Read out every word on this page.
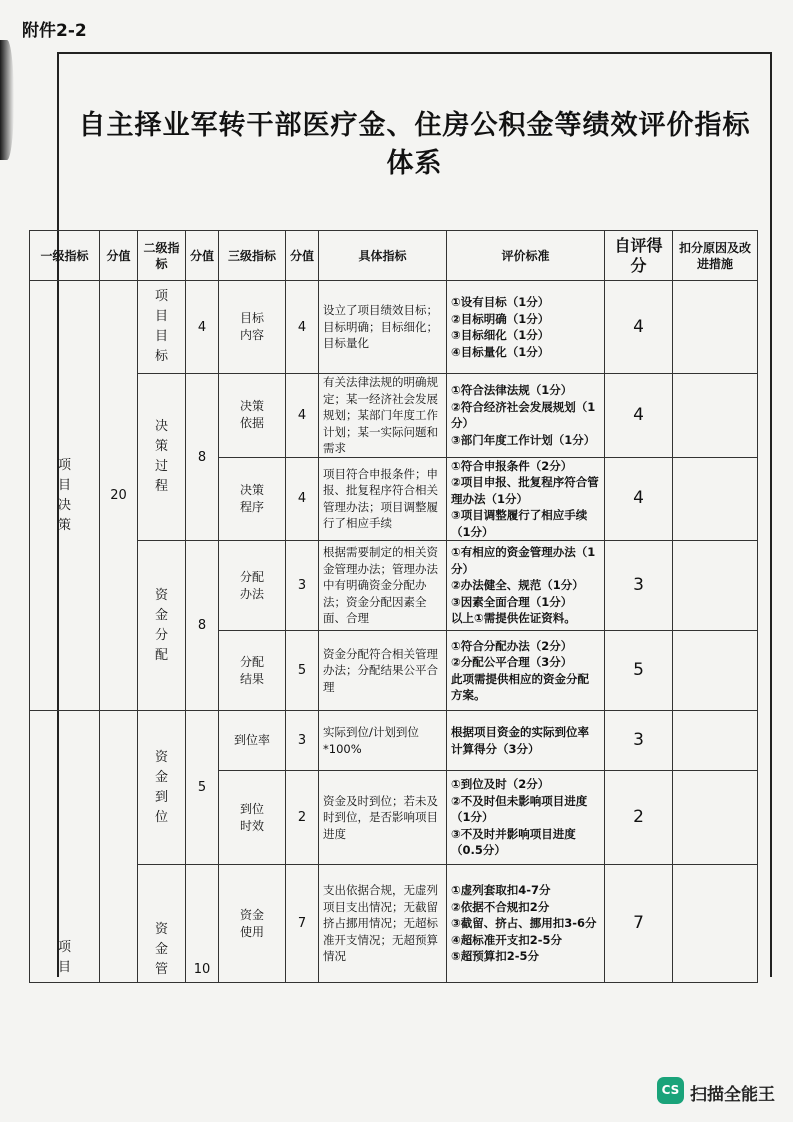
附件2-2
自主择业军转干部医疗金、住房公积金等绩效评价指标
体系
一级指标	分值	二级指标	分值	三级指标	分值	具体指标	评价标准	自评得分	扣分原因及改进措施

项目决策	20	项目目标	4	目标内容	4	设立了项目绩效目标；目标明确；目标细化；目标量化	①设有目标（1分）
②目标明确（1分）
③目标细化（1分）
④目标量化（1分）	4	

		决策过程	8	决策依据	4	有关法律法规的明确规定；某一经济社会发展规划；某部门年度工作计划；某一实际问题和需求	①符合法律法规（1分）
②符合经济社会发展规划（1分）
③部门年度工作计划（1分）	4	

				决策程序	4	项目符合申报条件；申报、批复程序符合相关管理办法；项目调整履行了相应手续	①符合申报条件（2分）
②项目申报、批复程序符合管理办法（1分）
③项目调整履行了相应手续（1分）	4	

		资金分配	8	分配办法	3	根据需要制定的相关资金管理办法；管理办法中有明确资金分配办法；资金分配因素全面、合理	①有相应的资金管理办法（1分）
②办法健全、规范（1分）
③因素全面合理（1分）
以上①需提供佐证资料。	3	

				分配结果	5	资金分配符合相关管理办法；分配结果公平合理	①符合分配办法（2分）
②分配公平合理（3分）
此项需提供相应的资金分配方案。	5	

项目		资金到位	5	到位率	3	实际到位/计划到位*100%	根据项目资金的实际到位率计算得分（3分）	3	

				到位时效	2	资金及时到位；若未及时到位，是否影响项目进度	①到位及时（2分）
②不及时但未影响项目进度（1分）
③不及时并影响项目进度（0.5分）	2	

		资金管	10	资金使用	7	支出依据合规，无虚列项目支出情况；无截留挤占挪用情况；无超标准开支情况；无超预算情况	①虚列套取扣4-7分
②依据不合规扣2分
③截留、挤占、挪用扣3-6分
④超标准开支扣2-5分
⑤超预算扣2-5分	7	
CS 扫描全能王
